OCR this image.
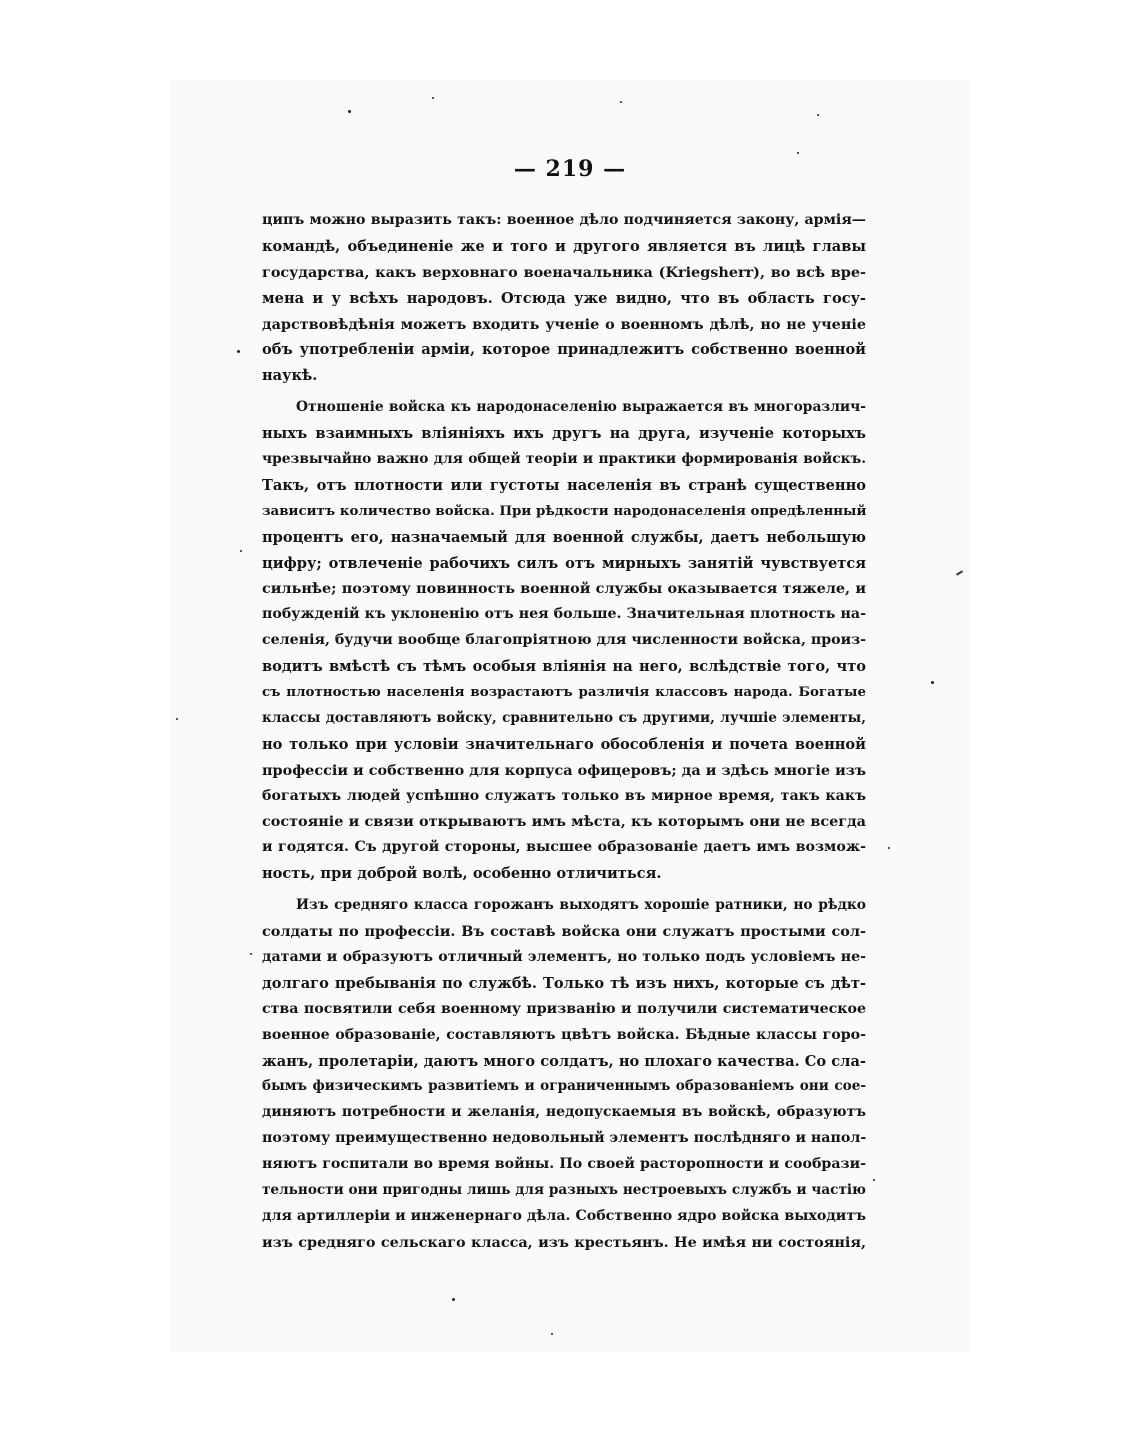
— 219 —
ципъ можно выразить такъ: военное дѣло подчиняется закону, армія—
командѣ, объединеніе же и того и другого является въ лицѣ главы
государства, какъ верховнаго военачальника (Kriegsherr), во всѣ вре-
мена и у всѣхъ народовъ. Отсюда уже видно, что въ область госу-
дарствовѣдѣнія можетъ входить ученіе о военномъ дѣлѣ, но не ученіе
объ употребленіи арміи, которое принадлежитъ собственно военной
наукѣ.
Отношеніе войска къ народонаселенію выражается въ многоразлич-
ныхъ взаимныхъ вліяніяхъ ихъ другъ на друга, изученіе которыхъ
чрезвычайно важно для общей теоріи и практики формированія войскъ.
Такъ, отъ плотности или густоты населенія въ странѣ существенно
зависитъ количество войска. При рѣдкости народонаселенія опредѣленный
процентъ его, назначаемый для военной службы, даетъ небольшую
цифру; отвлеченіе рабочихъ силъ отъ мирныхъ занятій чувствуется
сильнѣе; поэтому повинность военной службы оказывается тяжеле, и
побужденій къ уклоненію отъ нея больше. Значительная плотность на-
селенія, будучи вообще благопріятною для численности войска, произ-
водитъ вмѣстѣ съ тѣмъ особыя вліянія на него, вслѣдствіе того, что
съ плотностью населенія возрастаютъ различія классовъ народа. Богатые
классы доставляютъ войску, сравнительно съ другими, лучшіе элементы,
но только при условіи значительнаго обособленія и почета военной
профессіи и собственно для корпуса офицеровъ; да и здѣсь многіе изъ
богатыхъ людей успѣшно служатъ только въ мирное время, такъ какъ
состояніе и связи открываютъ имъ мѣста, къ которымъ они не всегда
и годятся. Съ другой стороны, высшее образованіе даетъ имъ возмож-
ность, при доброй волѣ, особенно отличиться.
Изъ средняго класса горожанъ выходятъ хорошіе ратники, но рѣдко
солдаты по профессіи. Въ составѣ войска они служатъ простыми сол-
датами и образуютъ отличный элементъ, но только подъ условіемъ не-
долгаго пребыванія по службѣ. Только тѣ изъ нихъ, которые съ дѣт-
ства посвятили себя военному призванію и получили систематическое
военное образованіе, составляютъ цвѣтъ войска. Бѣдные классы горо-
жанъ, пролетаріи, даютъ много солдатъ, но плохаго качества. Со сла-
бымъ физическимъ развитіемъ и ограниченнымъ образованіемъ они сое-
диняютъ потребности и желанія, недопускаемыя въ войскѣ, образуютъ
поэтому преимущественно недовольный элементъ послѣдняго и напол-
няютъ госпитали во время войны. По своей расторопности и сообрази-
тельности они пригодны лишь для разныхъ нестроевыхъ службъ и частію
для артиллеріи и инженернаго дѣла. Собственно ядро войска выходитъ
изъ средняго сельскаго класса, изъ крестьянъ. Не имѣя ни состоянія,
